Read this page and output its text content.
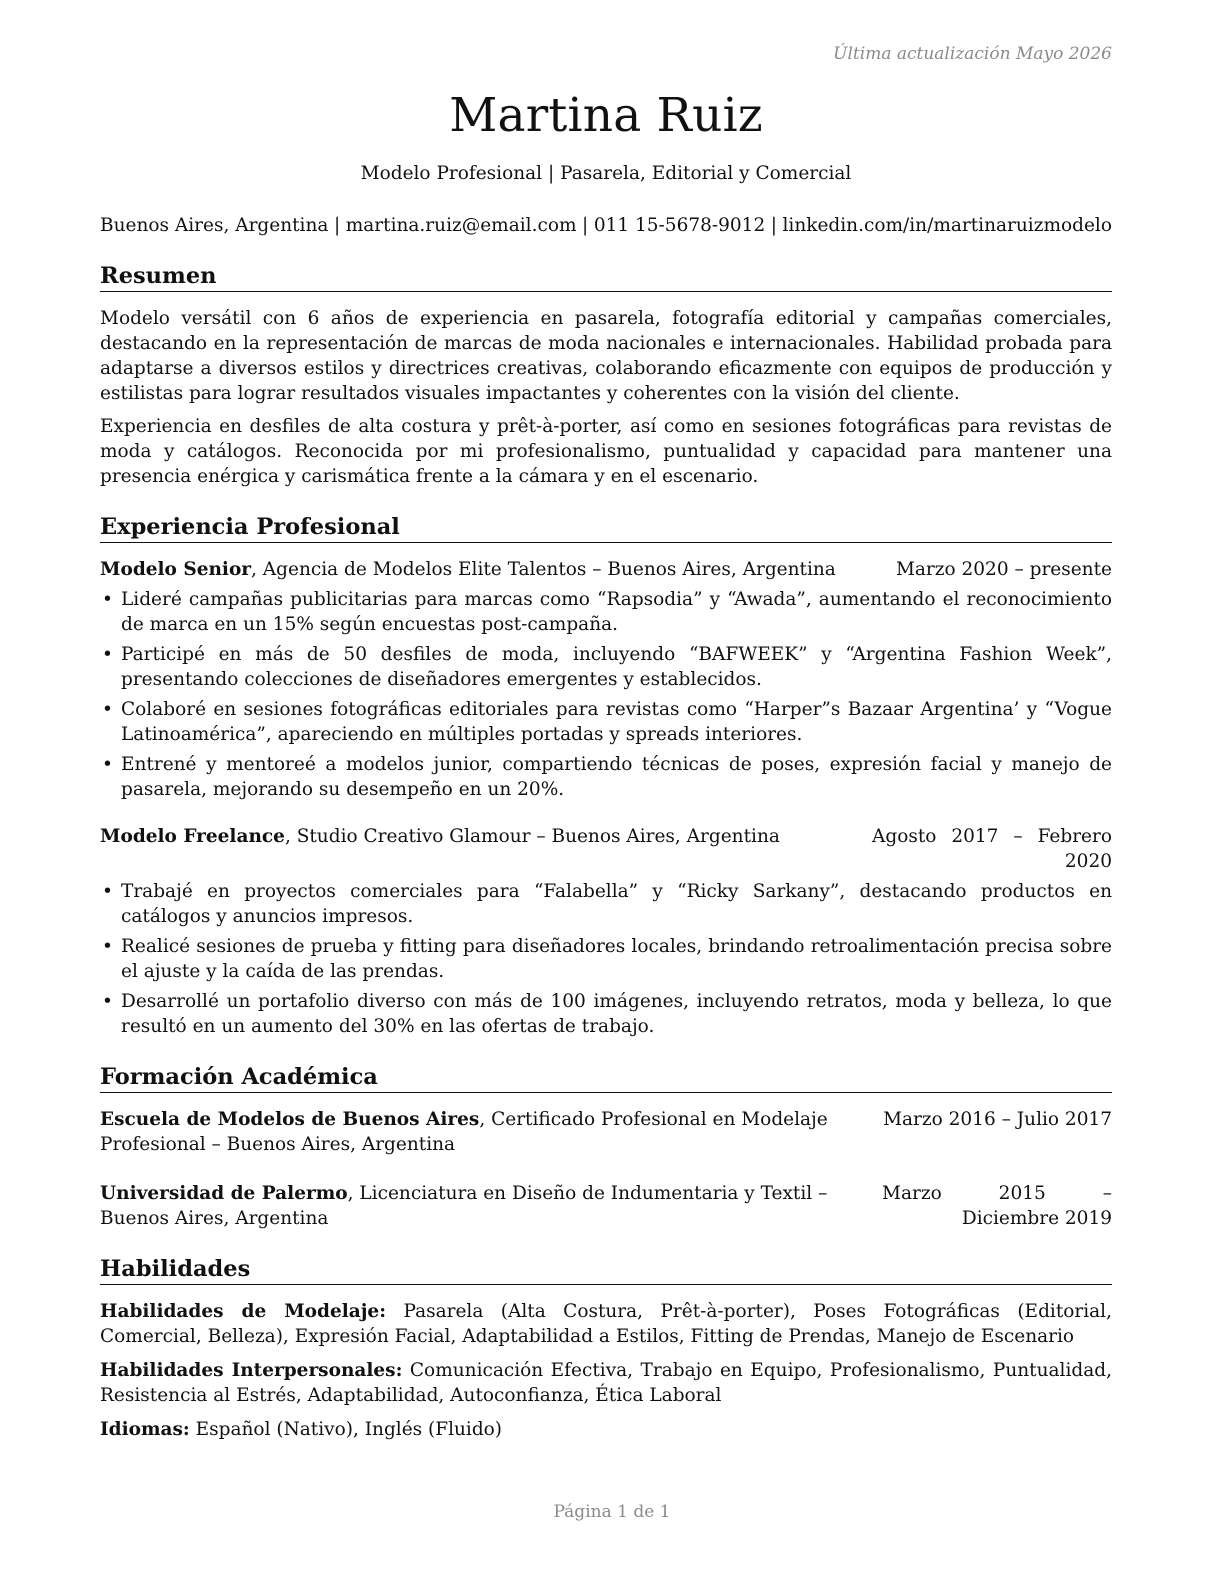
Última actualización Mayo 2026
Martina Ruiz
Modelo Profesional | Pasarela, Editorial y Comercial
Buenos Aires, Argentina | martina.ruiz@email.com | 011 15-5678-9012 | linkedin.com/in/martinaruizmodelo
Resumen

Modelo versátil con 6 años de experiencia en pasarela, fotografía editorial y campañas comerciales, destacando en la representación de marcas de moda nacionales e internacionales. Habilidad probada para adaptarse a diversos estilos y directrices creativas, colaborando eficazmente con equipos de producción y estilistas para lograr resultados visuales impactantes y coherentes con la visión del cliente.

Experiencia en desfiles de alta costura y prêt-à-porter, así como en sesiones fotográficas para revistas de moda y catálogos. Reconocida por mi profesionalismo, puntualidad y capacidad para mantener una presencia enérgica y carismática frente a la cámara y en el escenario.

Experiencia Profesional
Modelo Senior, Agencia de Modelos Elite Talentos – Buenos Aires, Argentina	Marzo 2020 – presente
• Lideré campañas publicitarias para marcas como “Rapsodia” y “Awada”, aumentando el reconocimiento de marca en un 15% según encuestas post-campaña.
• Participé en más de 50 desfiles de moda, incluyendo “BAFWEEK” y “Argentina Fashion Week”, presentando colecciones de diseñadores emergentes y establecidos.
• Colaboré en sesiones fotográficas editoriales para revistas como “Harper”s Bazaar Argentina’ y “Vogue Latinoamérica”, apareciendo en múltiples portadas y spreads interiores.
• Entrené y mentoreé a modelos junior, compartiendo técnicas de poses, expresión facial y manejo de pasarela, mejorando su desempeño en un 20%.
Modelo Freelance, Studio Creativo Glamour – Buenos Aires, Argentina	Agosto 2017 – Febrero 2020
• Trabajé en proyectos comerciales para “Falabella” y “Ricky Sarkany”, destacando productos en catálogos y anuncios impresos.
• Realicé sesiones de prueba y fitting para diseñadores locales, brindando retroalimentación precisa sobre el ajuste y la caída de las prendas.
• Desarrollé un portafolio diverso con más de 100 imágenes, incluyendo retratos, moda y belleza, lo que resultó en un aumento del 30% en las ofertas de trabajo.
Formación Académica
Escuela de Modelos de Buenos Aires, Certificado Profesional en Modelaje Profesional – Buenos Aires, Argentina
Marzo 2016 – Julio 2017
Universidad de Palermo, Licenciatura en Diseño de Indumentaria y Textil – Buenos Aires, Argentina
Marzo 2015 – Diciembre 2019
Habilidades
Habilidades de Modelaje: Pasarela (Alta Costura, Prêt-à-porter), Poses Fotográficas (Editorial, Comercial, Belleza), Expresión Facial, Adaptabilidad a Estilos, Fitting de Prendas, Manejo de Escenario
Habilidades Interpersonales: Comunicación Efectiva, Trabajo en Equipo, Profesionalismo, Puntualidad, Resistencia al Estrés, Adaptabilidad, Autoconfianza, Ética Laboral
Idiomas: Español (Nativo), Inglés (Fluido)
Página 1 de 1
